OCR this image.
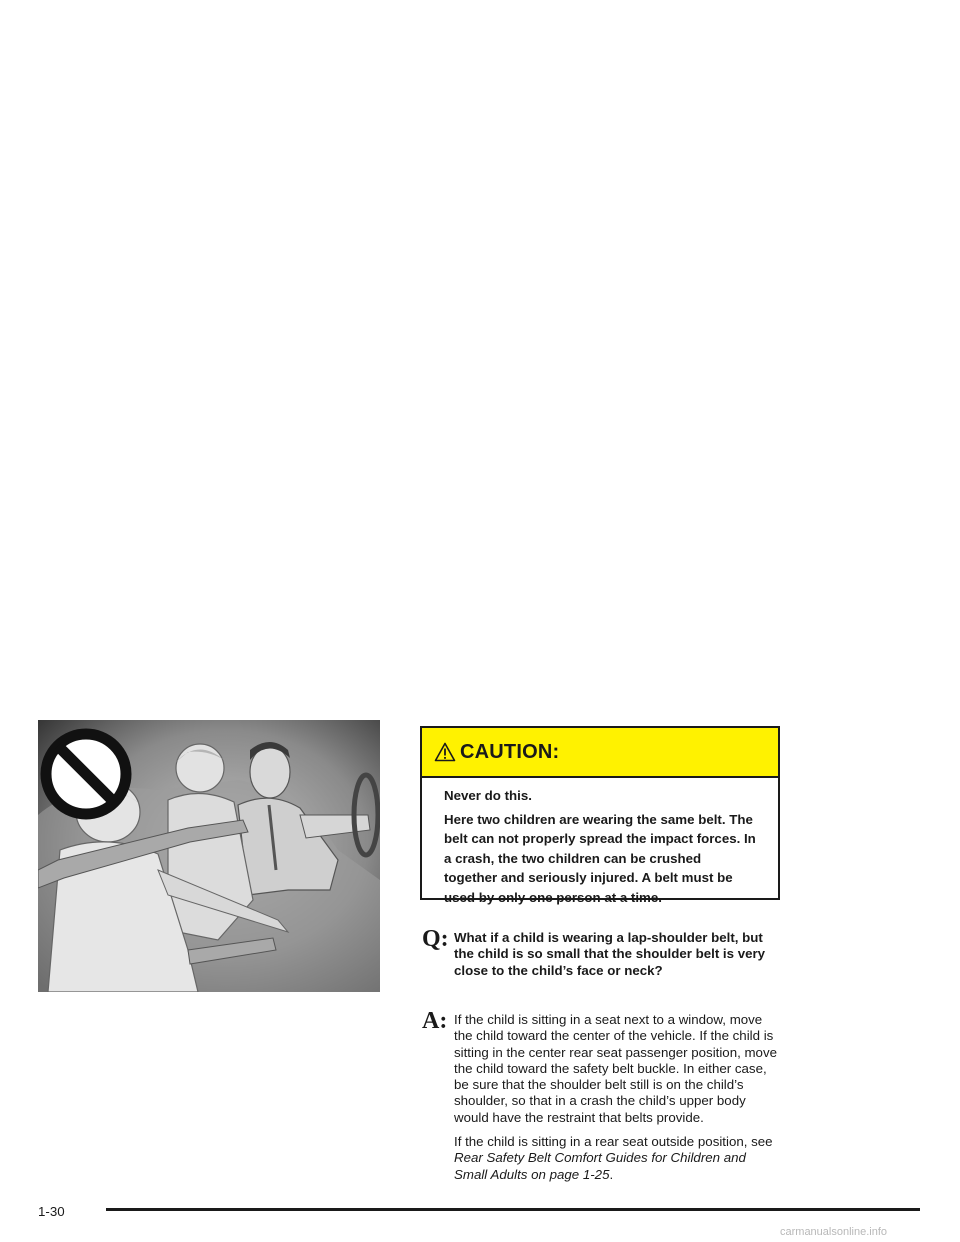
CAUTION:

Never do this.

Here two children are wearing the same belt. The belt can not properly spread the impact forces. In a crash, the two children can be crushed together and seriously injured. A belt must be used by only one person at a time.

Q: What if a child is wearing a lap-shoulder belt, but the child is so small that the shoulder belt is very close to the child’s face or neck?
A: If the child is sitting in a seat next to a window, move the child toward the center of the vehicle. If the child is sitting in the center rear seat passenger position, move the child toward the safety belt buckle. In either case, be sure that the shoulder belt still is on the child’s shoulder, so that in a crash the child’s upper body would have the restraint that belts provide.

If the child is sitting in a rear seat outside position, see Rear Safety Belt Comfort Guides for Children and Small Adults on page 1-25.

1-30
carmanualsonline.info
